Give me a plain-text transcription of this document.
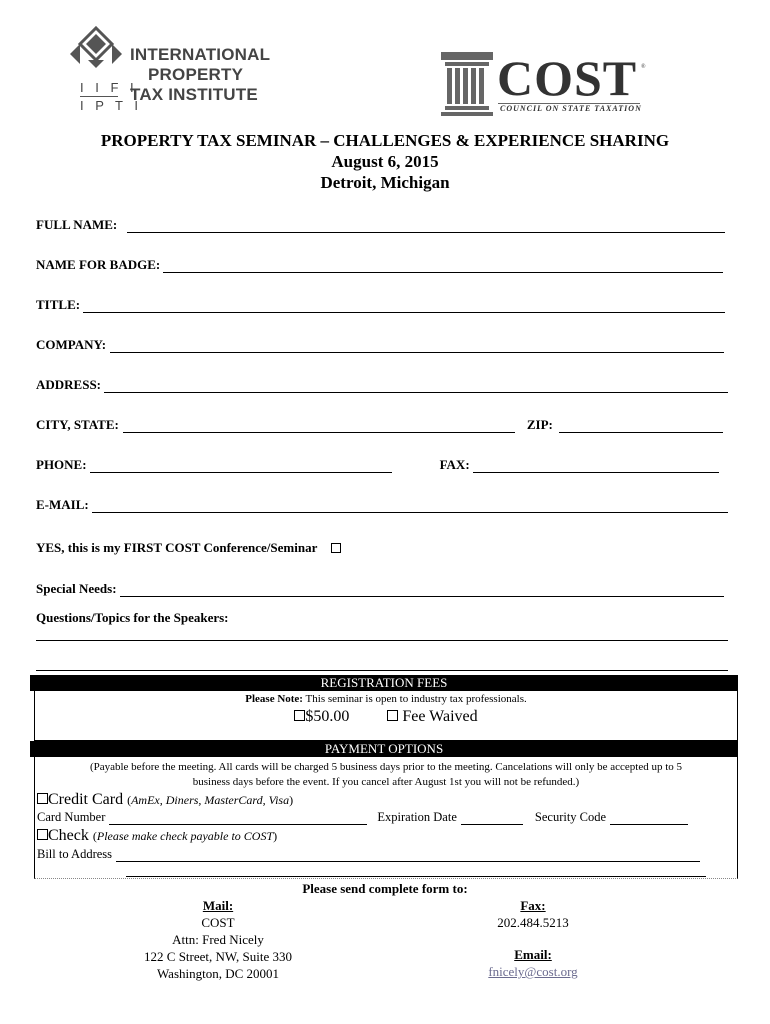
I I F I
I P T I
INTERNATIONAL
PROPERTY
TAX INSTITUTE	COST ®
COUNCIL ON STATE TAXATION
PROPERTY TAX SEMINAR – CHALLENGES & EXPERIENCE SHARING
August 6, 2015
Detroit, Michigan
FULL NAME:
NAME FOR BADGE:
TITLE:
COMPANY:
ADDRESS:
CITY, STATE:	ZIP:
PHONE:	FAX:
E-MAIL:
YES, this is my FIRST COST Conference/Seminar
Special Needs:
Questions/Topics for the Speakers:
REGISTRATION FEES
Please Note: This seminar is open to industry tax professionals.
$50.00	Fee Waived
PAYMENT OPTIONS
(Payable before the meeting. All cards will be charged 5 business days prior to the meeting. Cancelations will only be accepted up to 5
business days before the event. If you cancel after August 1st you will not be refunded.)
Credit Card (AmEx, Diners, MasterCard, Visa)
Card Number	Expiration Date	Security Code
Check (Please make check payable to COST)
Bill to Address
Please send complete form to:
Mail:
COST
Attn: Fred Nicely
122 C Street, NW, Suite 330
Washington, DC 20001
Fax:
202.484.5213
Email:
fnicely@cost.org
